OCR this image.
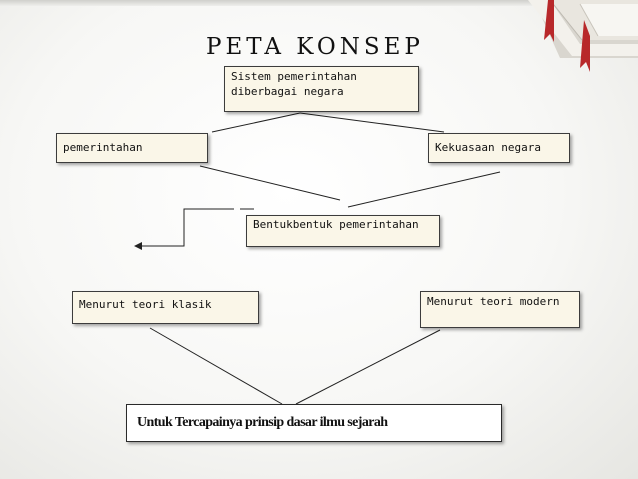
PETA KONSEP
Sistem pemerintahan diberbagai negara
pemerintahan	Kekuasaan negara
Bentukbentuk pemerintahan
Menurut teori klasik	Menurut teori modern
Untuk Tercapainya prinsip dasar ilmu sejarah
